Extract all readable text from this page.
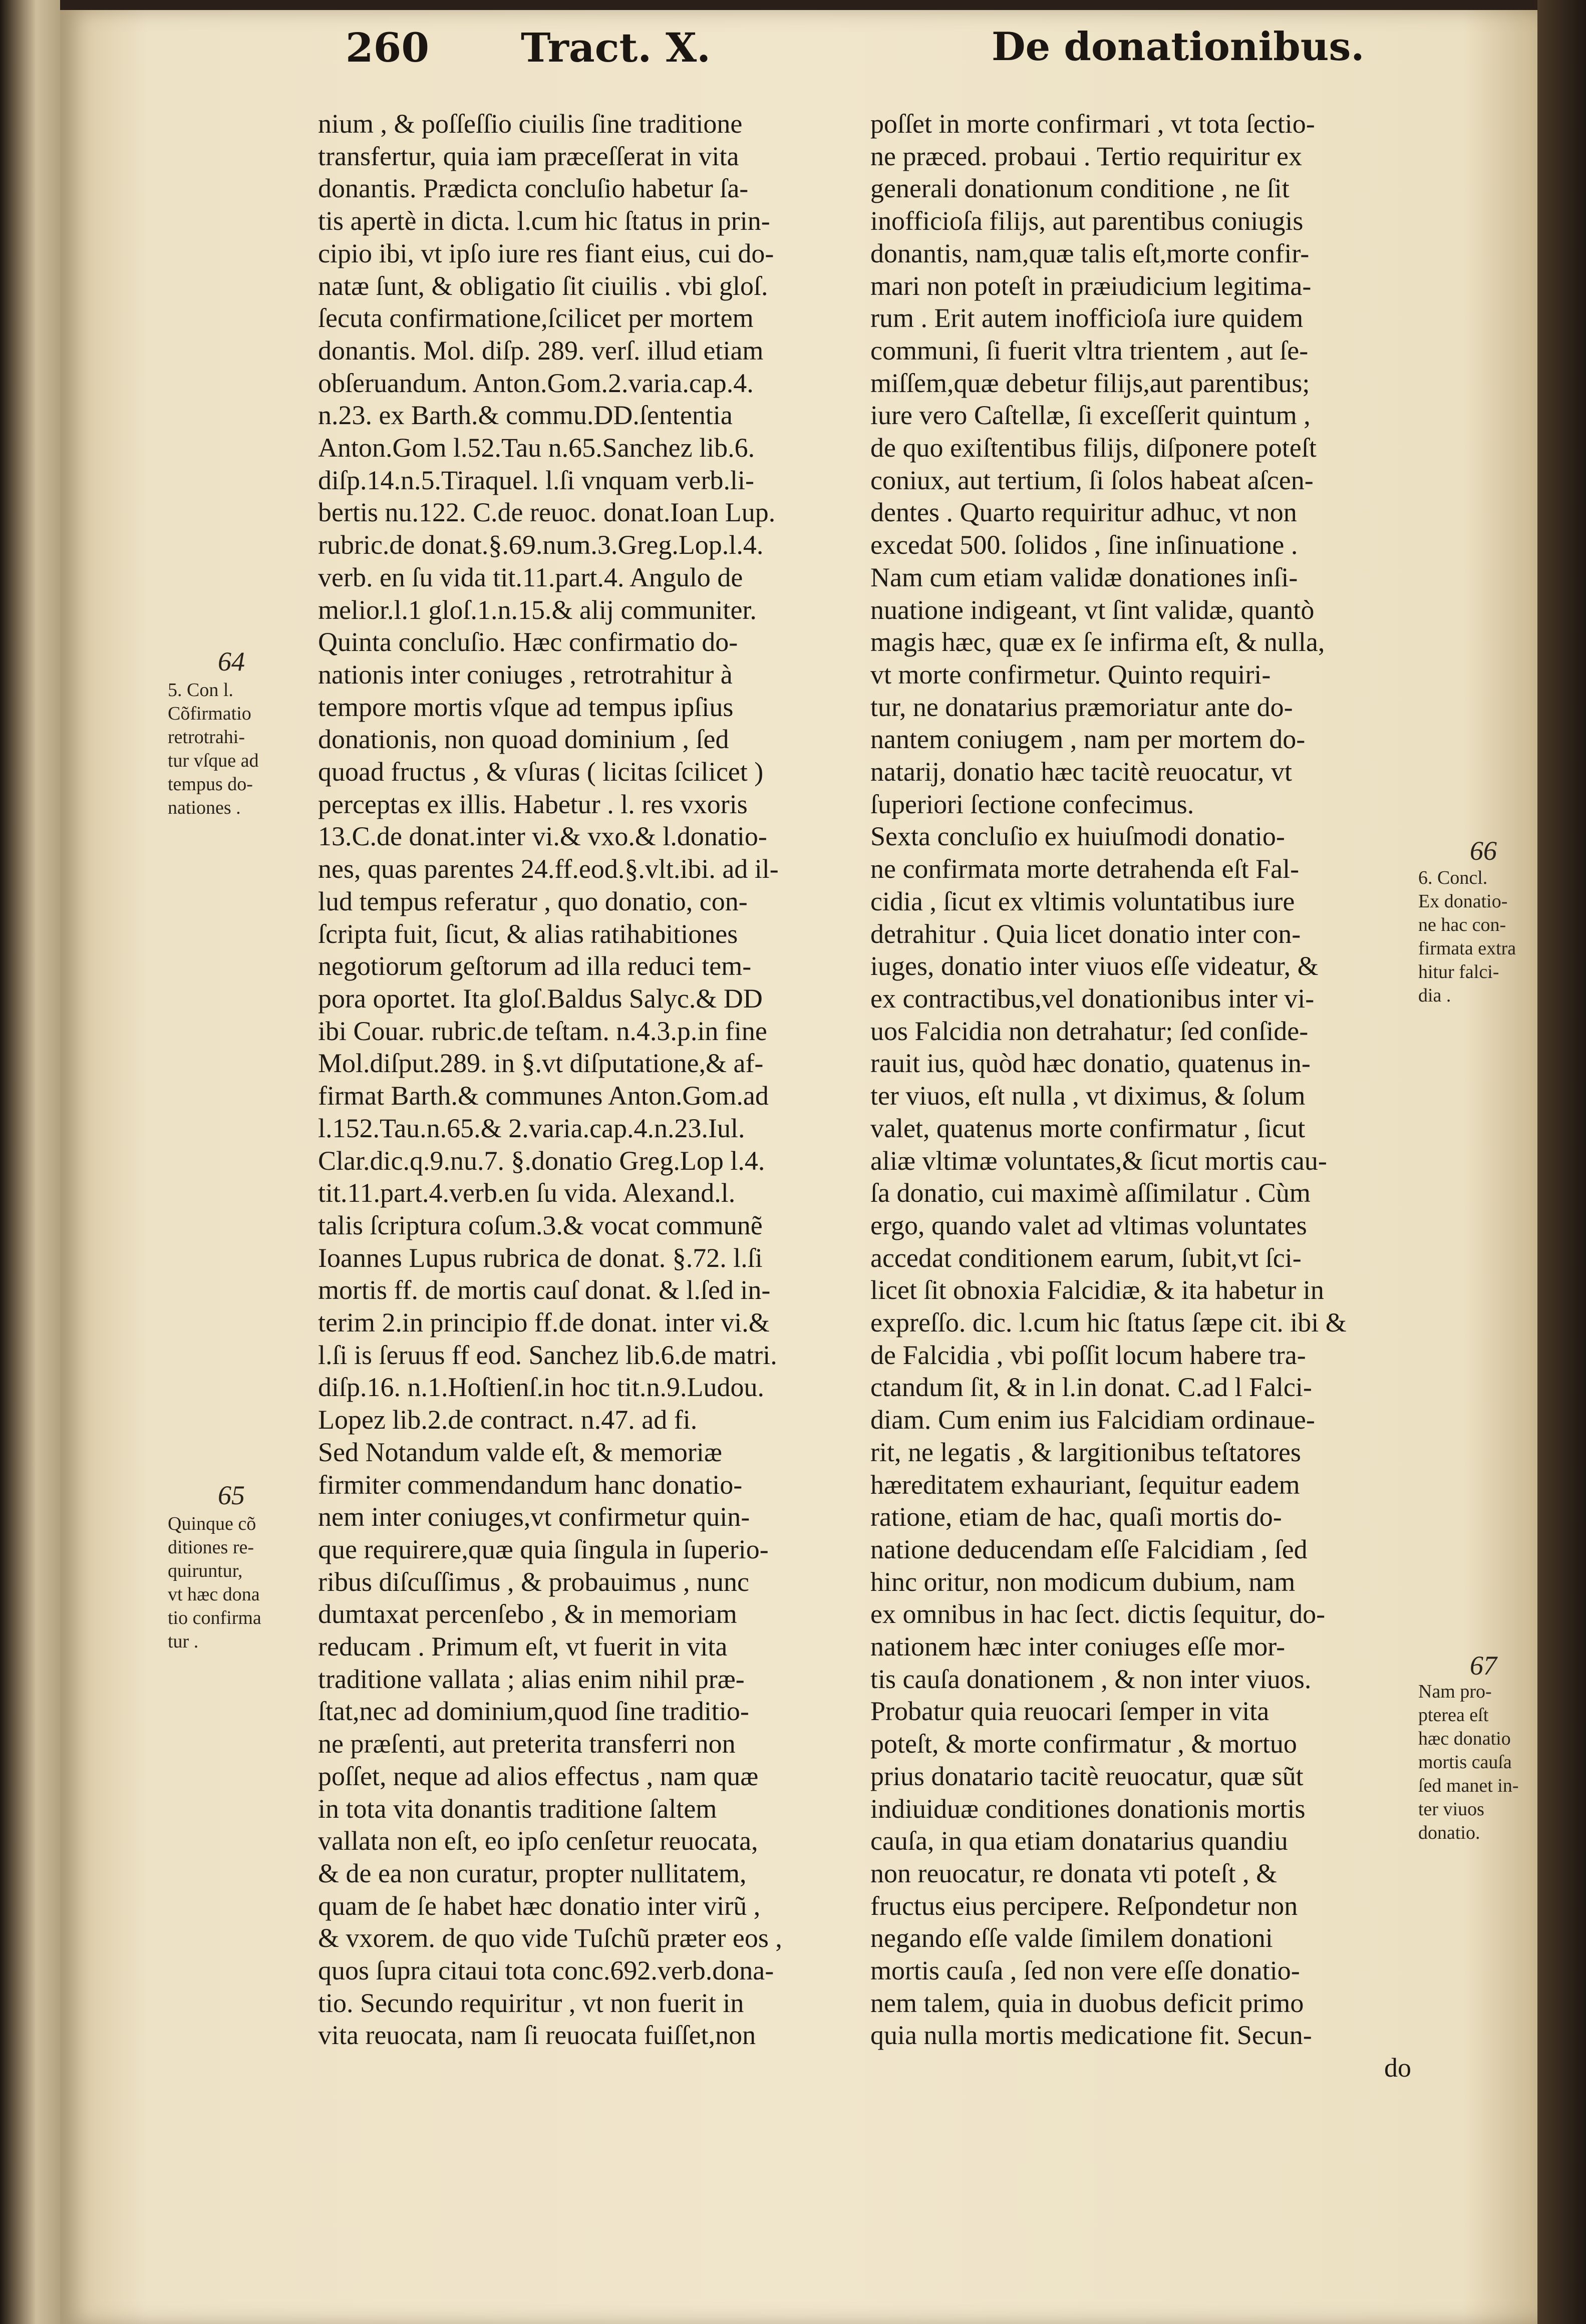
260 Tract. X.	De donationibus.
nium , & poſſeſſio ciuilis ſine traditione
transfertur, quia iam præceſſerat in vita
donantis. Prædicta concluſio habetur ſa-
tis apertè in dicta. l.cum hic ſtatus in prin-
cipio ibi, vt ipſo iure res fiant eius, cui do-
natæ ſunt, & obligatio ſit ciuilis . vbi gloſ.
ſecuta confirmatione,ſcilicet per mortem
donantis. Mol. diſp. 289. verſ. illud etiam
obſeruandum. Anton.Gom.2.varia.cap.4.
n.23. ex Barth.& commu.DD.ſententia
Anton.Gom l.52.Tau n.65.Sanchez lib.6.
diſp.14.n.5.Tiraquel. l.ſi vnquam verb.li-
bertis nu.122. C.de reuoc. donat.Ioan Lup.
rubric.de donat.§.69.num.3.Greg.Lop.l.4.
verb. en ſu vida tit.11.part.4. Angulo de
melior.l.1 gloſ.1.n.15.& alij communiter.
Quinta concluſio. Hæc confirmatio do-
nationis inter coniuges , retrotrahitur à
tempore mortis vſque ad tempus ipſius
donationis, non quoad dominium , ſed
quoad fructus , & vſuras ( licitas ſcilicet )
perceptas ex illis. Habetur . l. res vxoris
13.C.de donat.inter vi.& vxo.& l.donatio-
nes, quas parentes 24.ff.eod.§.vlt.ibi. ad il-
lud tempus referatur , quo donatio, con-
ſcripta fuit, ſicut, & alias ratihabitiones
negotiorum geſtorum ad illa reduci tem-
pora oportet. Ita gloſ.Baldus Salyc.& DD
ibi Couar. rubric.de teſtam. n.4.3.p.in fine
Mol.diſput.289. in §.vt diſputatione,& af-
firmat Barth.& communes Anton.Gom.ad
l.152.Tau.n.65.& 2.varia.cap.4.n.23.Iul.
Clar.dic.q.9.nu.7. §.donatio Greg.Lop l.4.
tit.11.part.4.verb.en ſu vida. Alexand.l.
talis ſcriptura coſum.3.& vocat communẽ
Ioannes Lupus rubrica de donat. §.72. l.ſi
mortis ff. de mortis cauſ donat. & l.ſed in-
terim 2.in principio ff.de donat. inter vi.&
l.ſi is ſeruus ff eod. Sanchez lib.6.de matri.
diſp.16. n.1.Hoſtienſ.in hoc tit.n.9.Ludou.
Lopez lib.2.de contract. n.47. ad fi.
Sed Notandum valde eſt, & memoriæ
firmiter commendandum hanc donatio-
nem inter coniuges,vt confirmetur quin-
que requirere,quæ quia ſingula in ſuperio-
ribus diſcuſſimus , & probauimus , nunc
dumtaxat percenſebo , & in memoriam
reducam . Primum eſt, vt fuerit in vita
traditione vallata ; alias enim nihil præ-
ſtat,nec ad dominium,quod ſine traditio-
ne præſenti, aut preterita transferri non
poſſet, neque ad alios effectus , nam quæ
in tota vita donantis traditione ſaltem
vallata non eſt, eo ipſo cenſetur reuocata,
& de ea non curatur, propter nullitatem,
quam de ſe habet hæc donatio inter virũ ,
& vxorem. de quo vide Tuſchũ præter eos ,
quos ſupra citaui tota conc.692.verb.dona-
tio. Secundo requiritur , vt non fuerit in
vita reuocata, nam ſi reuocata fuiſſet,non
poſſet in morte confirmari , vt tota ſectio-
ne præced. probaui . Tertio requiritur ex
generali donationum conditione , ne ſit
inofficioſa filijs, aut parentibus coniugis
donantis, nam,quæ talis eſt,morte confir-
mari non poteſt in præiudicium legitima-
rum . Erit autem inofficioſa iure quidem
communi, ſi fuerit vltra trientem , aut ſe-
miſſem,quæ debetur filijs,aut parentibus;
iure vero Caſtellæ, ſi exceſſerit quintum ,
de quo exiſtentibus filijs, diſponere poteſt
coniux, aut tertium, ſi ſolos habeat aſcen-
dentes . Quarto requiritur adhuc, vt non
excedat 500. ſolidos , ſine inſinuatione .
Nam cum etiam validæ donationes inſi-
nuatione indigeant, vt ſint validæ, quantò
magis hæc, quæ ex ſe infirma eſt, & nulla,
vt morte confirmetur. Quinto requiri-
tur, ne donatarius præmoriatur ante do-
nantem coniugem , nam per mortem do-
natarij, donatio hæc tacitè reuocatur, vt
ſuperiori ſectione confecimus.
Sexta concluſio ex huiuſmodi donatio-
ne confirmata morte detrahenda eſt Fal-
cidia , ſicut ex vltimis voluntatibus iure
detrahitur . Quia licet donatio inter con-
iuges, donatio inter viuos eſſe videatur, &
ex contractibus,vel donationibus inter vi-
uos Falcidia non detrahatur; ſed conſide-
rauit ius, quòd hæc donatio, quatenus in-
ter viuos, eſt nulla , vt diximus, & ſolum
valet, quatenus morte confirmatur , ſicut
aliæ vltimæ voluntates,& ſicut mortis cau-
ſa donatio, cui maximè aſſimilatur . Cùm
ergo, quando valet ad vltimas voluntates
accedat conditionem earum, ſubit,vt ſci-
licet ſit obnoxia Falcidiæ, & ita habetur in
expreſſo. dic. l.cum hic ſtatus ſæpe cit. ibi &
de Falcidia , vbi poſſit locum habere tra-
ctandum ſit, & in l.in donat. C.ad l Falci-
diam. Cum enim ius Falcidiam ordinaue-
rit, ne legatis , & largitionibus teſtatores
hæreditatem exhauriant, ſequitur eadem
ratione, etiam de hac, quaſi mortis do-
natione deducendam eſſe Falcidiam , ſed
hinc oritur, non modicum dubium, nam
ex omnibus in hac ſect. dictis ſequitur, do-
nationem hæc inter coniuges eſſe mor-
tis cauſa donationem , & non inter viuos.
Probatur quia reuocari ſemper in vita
poteſt, & morte confirmatur , & mortuo
prius donatario tacitè reuocatur, quæ sũt
indiuiduæ conditiones donationis mortis
cauſa, in qua etiam donatarius quandiu
non reuocatur, re donata vti poteſt , &
fructus eius percipere. Reſpondetur non
negando eſſe valde ſimilem donationi
mortis cauſa , ſed non vere eſſe donatio-
nem talem, quia in duobus deficit primo
quia nulla mortis medicatione fit. Secun-
do
64
5. Con l.
Cõfirmatio
retrotrahi-
tur vſque ad
tempus do-
nationes .
65
Quinque cõ
ditiones re-
quiruntur,
vt hæc dona
tio confirma
tur .
66
6. Concl.
Ex donatio-
ne hac con-
firmata extra
hitur falci-
dia .
67
Nam pro-
pterea eſt
hæc donatio
mortis cauſa
ſed manet in-
ter viuos
donatio.
